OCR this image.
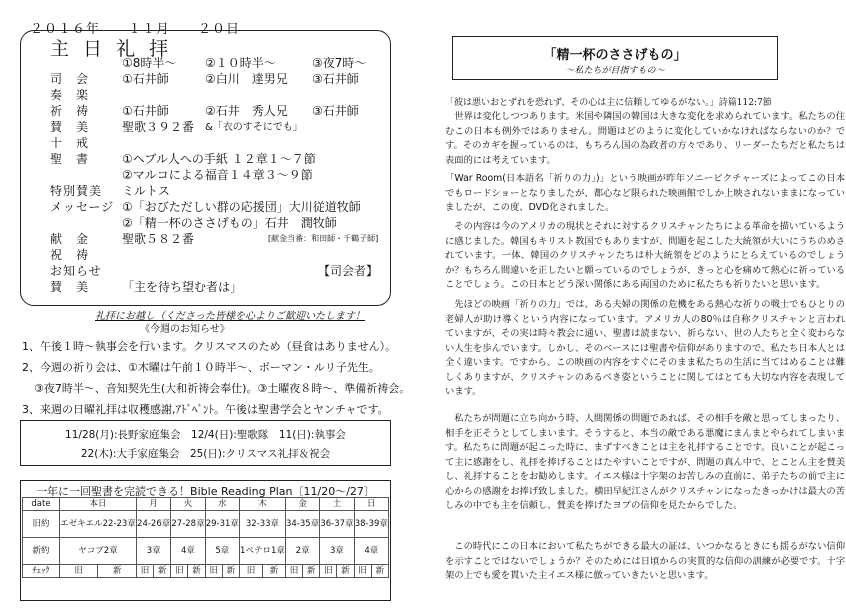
２０１６年　　１１月　　２０日
主 日 礼 拝
①8時半～ ②１０時半～	③夜7時～
司　会	①石井師	②白川　達男兄 ③石井師
奏　楽
祈　祷	①石井師	②石井　秀人兄 ③石井師
賛　美	聖歌３９２番 &「衣のすそにでも」
十　戒
聖　書	①ヘブル人への手紙 １２章１～７節
②マルコによる福音１４章３～９節
特別賛美 ミルトス
メッセージ ①「おびただしい群の応援団」大川従道牧師
②「精一杯のささげもの」石井　潤牧師
献　金	聖歌５８２番	[献金当番：和田師・千鶴子師]
祝　祷
お知らせ	【司会者】
賛　美	「主を待ち望む者は」
礼拝にお越し（くださった皆様を心よりご歓迎いたします！
《今週のお知らせ》
1、午後１時～執事会を行います。クリスマスのため（昼食はありません）。
2、今週の祈り会は、①木曜は午前１０時半～、ボーマン・ルリ子先生。
③夜7時半～、音知契先生(大和祈祷会奉仕)。③土曜夜８時～、準備祈祷会。
3、来週の日曜礼拝は収穫感謝,ｱﾄﾞﾍﾞﾝﾄ。午後は聖書学会とヤンチャです。
11/28(月):長野家庭集会　12/4(日):聖歌隊　11(日):執事会
22(木):大手家庭集会　25(日):クリスマス礼拝＆祝会
一年に一回聖書を完読できる！Bible Reading Plan〔11/20～/27〕
date	本日		月		火		水		木		金		土		日	
旧約	エゼキエル22-23章		24-26章		27-28章		29-31章		32-33章		34-35章		36-37章		38-39章	
新約	ヤコブ2章		3章		4章		5章		1ペテロ1章		2章		3章		4章	
ﾁｪｯｸ	旧	新	旧	新	旧	新	旧	新	旧	新	旧	新	旧	新	旧	新
「精一杯のささげもの」
～私たちが目指すもの～
「彼は悪いおとずれを恐れず、その心は主に信頼してゆるがない。」詩篇112:7節
世界は変化しつつあります。米国や隣国の韓国は大きな変化を求められています。私たちの住むこの日本も例外ではありません。問題はどのように変化していかなければならないのか？です。そのカギを握っているのは、もちろん国の為政者の方々であり、リーダーたちだと私たちは表面的には考えています。
「War Room(日本語名「祈りの力」)」という映画が昨年ソニーピクチャーズによってこの日本でもロードショーとなりましたが、都心など限られた映画館でしか上映されないままになっていましたが、この度、DVD化されました。
その内容は今のアメリカの現状とそれに対するクリスチャンたちによる革命を描いているように感じました。韓国もキリスト教国でもありますが、問題を起こした大統領が大いにうちのめされています。一体、韓国のクリスチャンたちは朴大統領をどのようにとらえているのでしょうか？もちろん間違いを正したいと願っているのでしょうが、きっと心を痛めて熱心に祈っていることでしょう。この日本とどう深い関係にある両国のために私たちも祈りたいと思います。
先ほどの映画「祈りの力」では、ある夫婦の関係の危機をある熱心な祈りの戦士でもひとりの老婦人が助け導くという内容になっています。アメリカ人の80％は自称クリスチャンと言われていますが、その実は時々教会に通い、聖書は読まない、祈らない、世の人たちと全く変わらない人生を歩んでいます。しかし、そのベースには聖書や信仰がありますので、私たち日本人とは全く違います。ですから、この映画の内容をすぐにそのまま私たちの生活に当てはめることは難しくありますが、クリスチャンのあるべき姿ということに関してはとても大切な内容を表現しています。
私たちが問題に立ち向かう時、人間関係の問題であれば、その相手を敵と思ってしまったり、相手を正そうとしてしまいます。そうすると、本当の敵である悪魔にまんまとやられてしまいます。私たちに問題が起こった時に、まずすべきことは主を礼拝することです。良いことが起こって主に感謝をし、礼拝を捧げることはたやすいことですが、問題の真ん中で、とことん主を賛美し、礼拝することをお勧めします。イエス様は十字架のお苦しみの直前に、弟子たちの前で主に心からの感謝をお捧げ致しました。横田早紀江さんがクリスチャンになったきっかけは最大の苦しみの中でも主を信頼し、賛美を捧げたヨブの信仰を見たからでした。
この時代にこの日本において私たちができる最大の証は、いつかなるときにも揺るがない信仰を示すことではないでしょうか？そのためには日頃からの実質的な信仰の訓練が必要です。十字架の上でも愛を貫いた主イエス様に倣っていきたいと思います。
